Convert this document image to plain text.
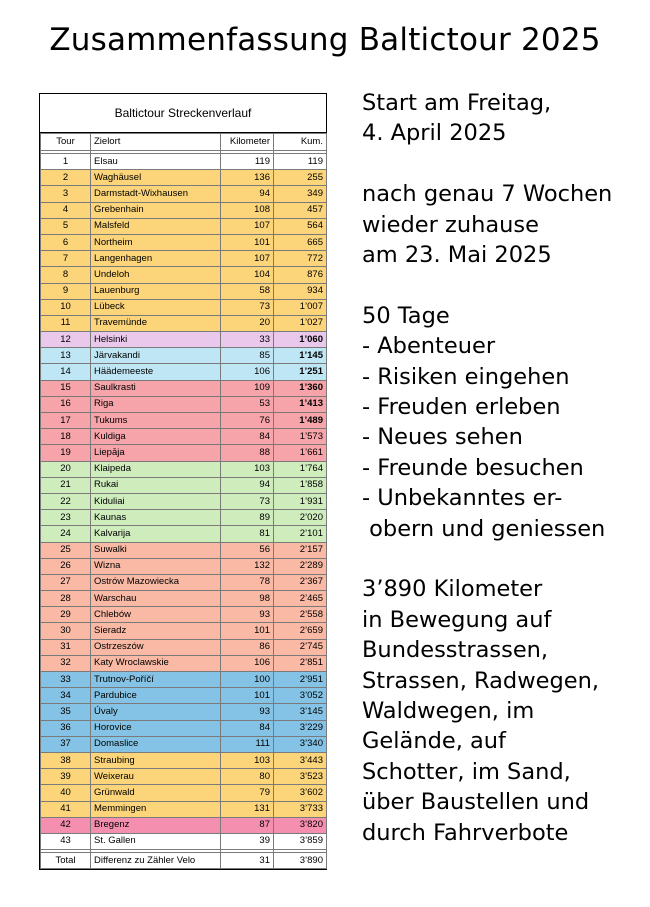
Zusammenfassung Baltictour 2025
Baltictour Streckenverlauf
Tour	Zielort	Kilometer	Kum.

1	Elsau	119	119
2	Waghäusel	136	255
3	Darmstadt-Wixhausen	94	349
4	Grebenhain	108	457
5	Malsfeld	107	564
6	Northeim	101	665
7	Langenhagen	107	772
8	Undeloh	104	876
9	Lauenburg	58	934
10	Lübeck	73	1’007
11	Travemünde	20	1’027
12	Helsinki	33	1’060
13	Järvakandi	85	1’145
14	Häädemeeste	106	1’251
15	Saulkrasti	109	1’360
16	Riga	53	1’413
17	Tukums	76	1’489
18	Kuldiga	84	1’573
19	Liepāja	88	1’661
20	Klaipeda	103	1’764
21	Rukai	94	1’858
22	Kiduliai	73	1’931
23	Kaunas	89	2’020
24	Kalvarija	81	2’101
25	Suwalki	56	2’157
26	Wizna	132	2’289
27	Ostrów Mazowiecka	78	2’367
28	Warschau	98	2’465
29	Chlebów	93	2’558
30	Sieradz	101	2’659
31	Ostrzeszów	86	2’745
32	Katy Wroclawskie	106	2’851
33	Trutnov-Poříčí	100	2’951
34	Pardubice	101	3’052
35	Úvaly	93	3’145
36	Horovice	84	3’229
37	Domaslice	111	3’340
38	Straubing	103	3’443
39	Weixerau	80	3’523
40	Grünwald	79	3’602
41	Memmingen	131	3’733
42	Bregenz	87	3’820
43	St. Gallen	39	3’859

Total	Differenz zu Zähler Velo	31	3’890

Start am Freitag,

4. April 2025

nach genau 7 Wochen

wieder zuhause

am 23. Mai 2025

50 Tage

- Abenteuer

- Risiken eingehen

- Freuden erleben

- Neues sehen

- Freunde besuchen

- Unbekanntes er-

obern und geniessen

3’890 Kilometer

in Bewegung auf

Bundesstrassen,

Strassen, Radwegen,

Waldwegen, im

Gelände, auf

Schotter, im Sand,

über Baustellen und

durch Fahrverbote
